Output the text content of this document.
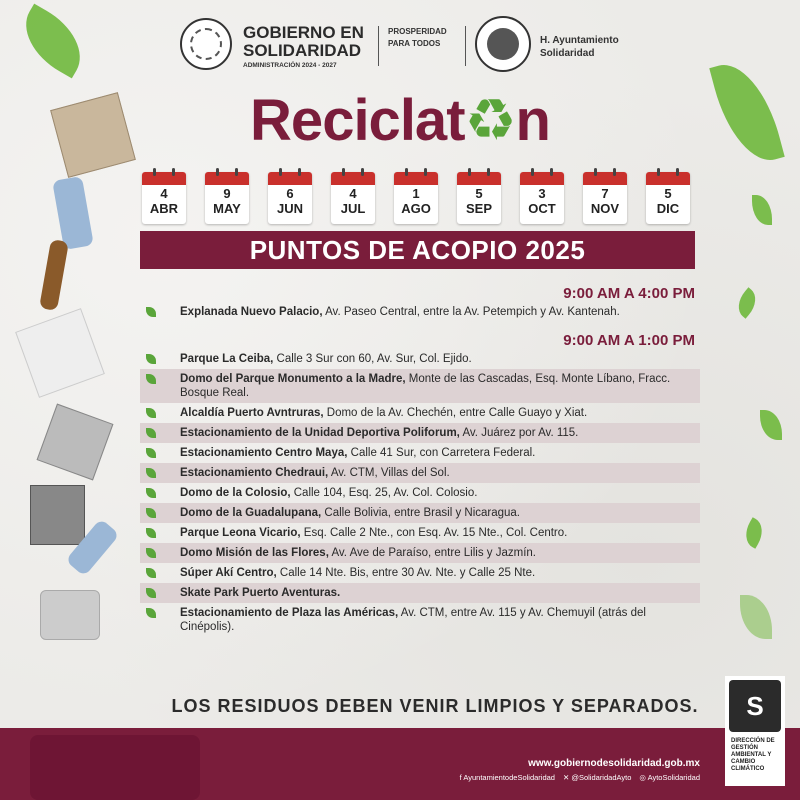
GOBIERNO EN SOLIDARIDAD
ADMINISTRACIÓN 2024 - 2027
PROSPERIDAD PARA TODOS	H. Ayuntamiento Solidaridad
Reciclat♻n
4
ABR
9
MAY
6
JUN
4
JUL
1
AGO
5
SEP
3
OCT
7
NOV
5
DIC
PUNTOS DE ACOPIO 2025
9:00 AM A 4:00 PM
Explanada Nuevo Palacio, Av. Paseo Central, entre la Av. Petempich y Av. Kantenah.
9:00 AM A 1:00 PM
Parque La Ceiba, Calle 3 Sur con 60, Av. Sur, Col. Ejido.
Domo del Parque Monumento a la Madre, Monte de las Cascadas, Esq. Monte Líbano, Fracc. Bosque Real.
Alcaldía Puerto Avntruras, Domo de la Av. Chechén, entre Calle Guayo y Xiat.
Estacionamiento de la Unidad Deportiva Poliforum, Av. Juárez por Av. 115.
Estacionamiento Centro Maya, Calle 41 Sur, con Carretera Federal.
Estacionamiento Chedraui, Av. CTM, Villas del Sol.
Domo de la Colosio, Calle 104, Esq. 25, Av. Col. Colosio.
Domo de la Guadalupana, Calle Bolivia, entre Brasil y Nicaragua.
Parque Leona Vicario, Esq. Calle 2 Nte., con Esq. Av. 15 Nte., Col. Centro.
Domo Misión de las Flores, Av. Ave de Paraíso, entre Lilis y Jazmín.
Súper Akí Centro, Calle 14 Nte. Bis, entre 30 Av. Nte. y Calle 25 Nte.
Skate Park Puerto Aventuras.
Estacionamiento de Plaza las Américas, Av. CTM, entre Av. 115 y Av. Chemuyil (atrás del Cinépolis).
LOS RESIDUOS DEBEN VENIR LIMPIOS Y SEPARADOS.
www.gobiernodesolidaridad.gob.mx
f AyuntamientodeSolidaridad ✕ @SolidaridadAyto ◎ AytoSolidaridad
S
DIRECCIÓN DE GESTIÓN AMBIENTAL Y CAMBIO CLIMÁTICO
